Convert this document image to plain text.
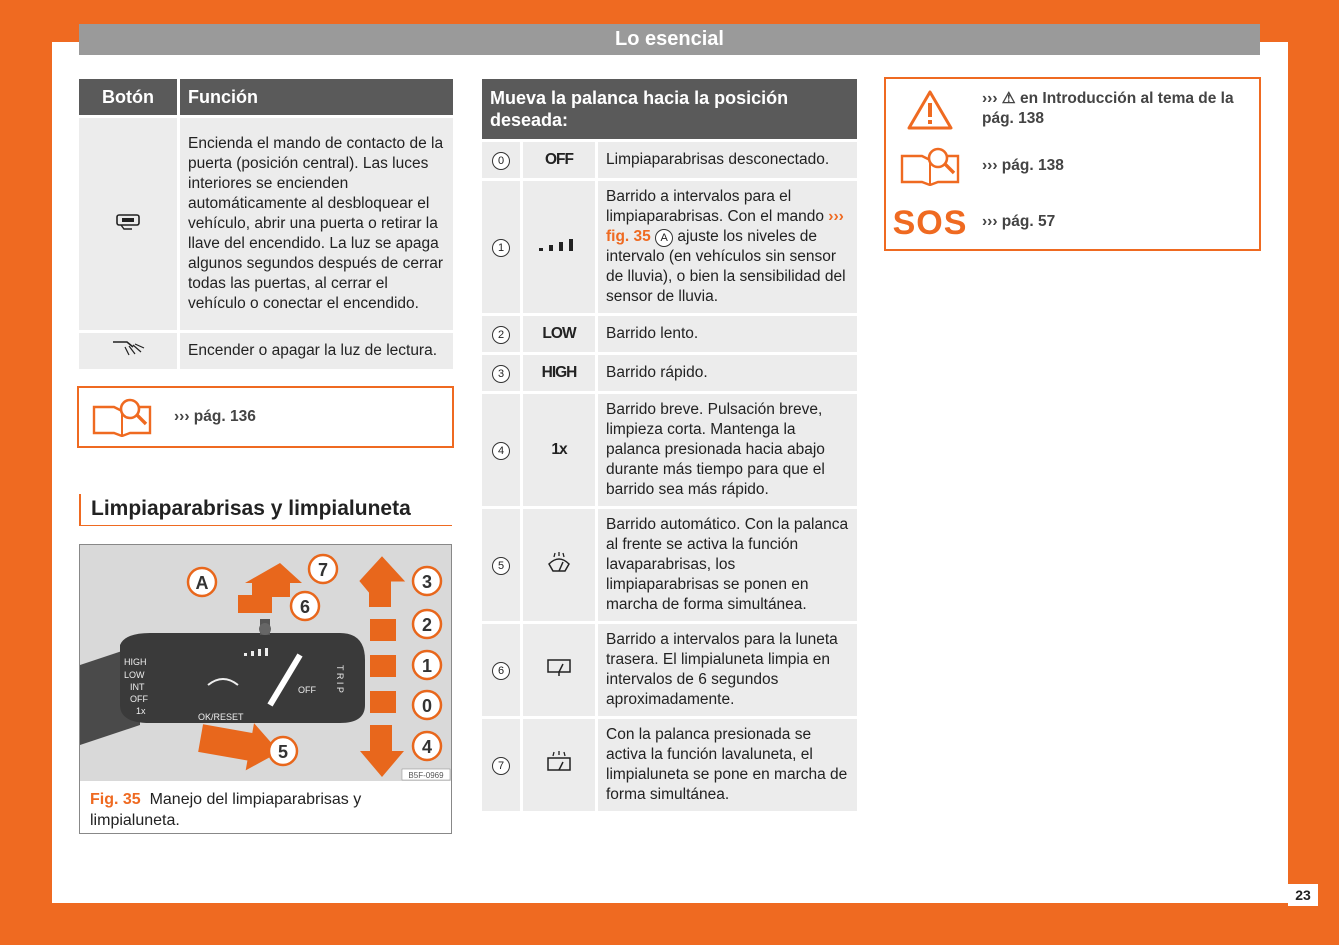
Lo esencial
Botón	Función
	Encienda el mando de contacto de la puerta (posición central). Las luces interiores se encienden automáticamente al desbloquear el vehículo, abrir una puerta o retirar la llave del encendido. La luz se apaga algunos segundos después de cerrar todas las puertas, al cerrar el vehículo o conectar el encendido.
	Encender o apagar la luz de lectura.
››› pág. 136
Limpiaparabrisas y limpialuneta
HIGH
LOW
INT
OFF
1x
OK/RESET
OFF T R I P
A
7
6
3
2
1
0
4
5
B5F-0969
Fig. 35 Manejo del limpiaparabrisas y limpialuneta.
Mueva la palanca hacia la posición deseada:		
0	OFF	Limpiaparabrisas desconectado.
1		Barrido a intervalos para el limpiaparabrisas. Con el mando ››› fig. 35 A ajuste los niveles de intervalo (en vehículos sin sensor de lluvia), o bien la sensibilidad del sensor de lluvia.
2	LOW	Barrido lento.
3	HIGH	Barrido rápido.
4	1x	Barrido breve. Pulsación breve, limpieza corta. Mantenga la palanca presionada hacia abajo durante más tiempo para que el barrido sea más rápido.
5		Barrido automático. Con la palanca al frente se activa la función lavaparabrisas, los limpiaparabrisas se ponen en marcha de forma simultánea.
6		Barrido a intervalos para la luneta trasera. El limpialuneta limpia en intervalos de 6 segundos aproximadamente.
7		Con la palanca presionada se activa la función lavaluneta, el limpialuneta se pone en marcha de forma simultánea.
››› ⚠ en Introducción al tema de la pág. 138
››› pág. 138
SOS ››› pág. 57
23
